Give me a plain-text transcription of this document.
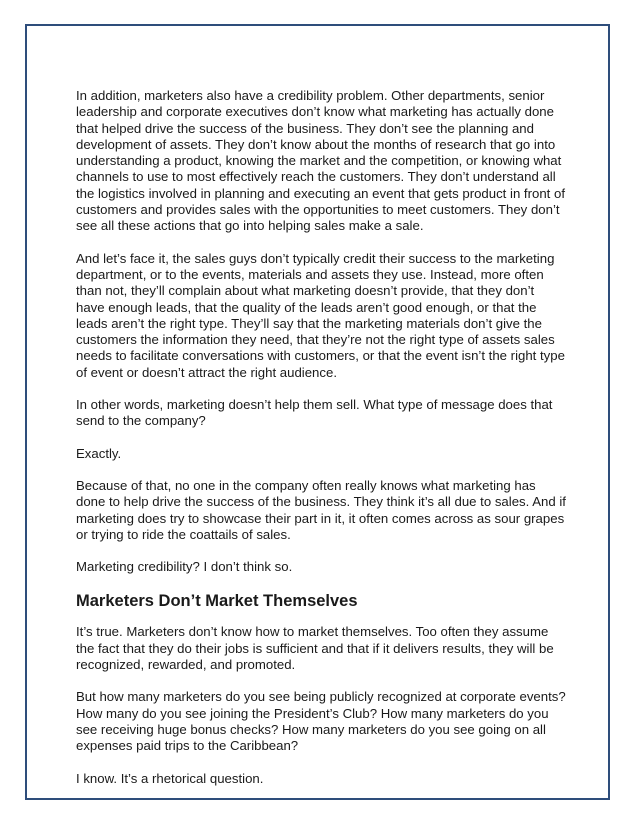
In addition, marketers also have a credibility problem. Other departments, senior leadership and corporate executives don’t know what marketing has actually done that helped drive the success of the business. They don’t see the planning and development of assets. They don’t know about the months of research that go into understanding a product, knowing the market and the competition, or knowing what channels to use to most effectively reach the customers. They don’t understand all the logistics involved in planning and executing an event that gets product in front of customers and provides sales with the opportunities to meet customers. They don’t see all these actions that go into helping sales make a sale.

And let’s face it, the sales guys don’t typically credit their success to the marketing department, or to the events, materials and assets they use. Instead, more often than not, they’ll complain about what marketing doesn’t provide, that they don’t have enough leads, that the quality of the leads aren’t good enough, or that the leads aren’t the right type. They’ll say that the marketing materials don’t give the customers the information they need, that they’re not the right type of assets sales needs to facilitate conversations with customers, or that the event isn’t the right type of event or doesn’t attract the right audience.

In other words, marketing doesn’t help them sell. What type of message does that send to the company?

Exactly.

Because of that, no one in the company often really knows what marketing has done to help drive the success of the business. They think it’s all due to sales. And if marketing does try to showcase their part in it, it often comes across as sour grapes or trying to ride the coattails of sales.

Marketing credibility? I don’t think so.

Marketers Don’t Market Themselves

It’s true. Marketers don’t know how to market themselves. Too often they assume the fact that they do their jobs is sufficient and that if it delivers results, they will be recognized, rewarded, and promoted.

But how many marketers do you see being publicly recognized at corporate events? How many do you see joining the President’s Club? How many marketers do you see receiving huge bonus checks? How many marketers do you see going on all expenses paid trips to the Caribbean?

I know. It’s a rhetorical question.
